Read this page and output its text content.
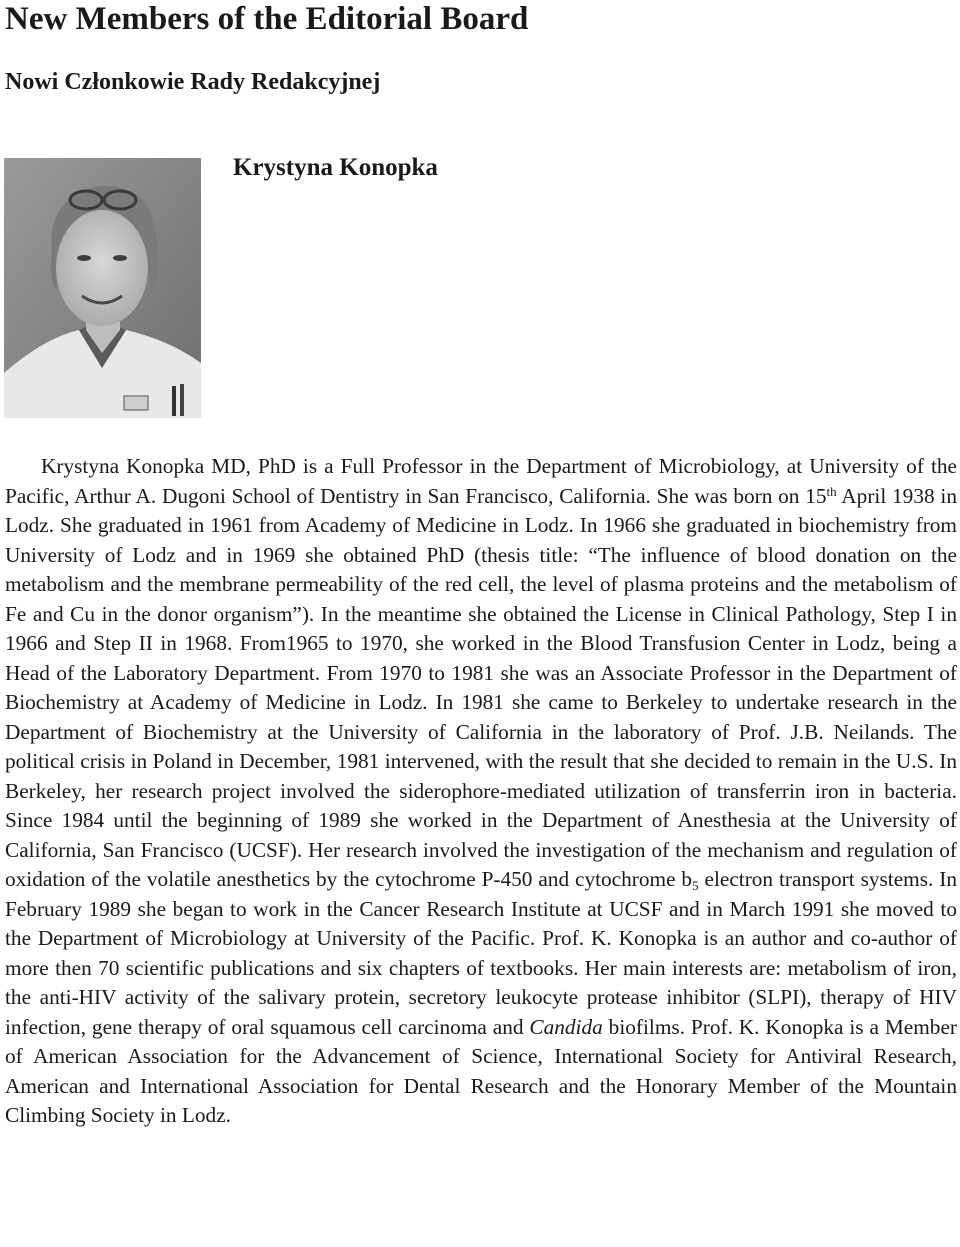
New Members of the Editorial Board
Nowi Członkowie Rady Redakcyjnej
Krystyna Konopka

Krystyna Konopka MD, PhD is a Full Professor in the Department of Microbiology, at University of the Pacific, Arthur A. Dugoni School of Dentistry in San Francisco, California. She was born on 15th April 1938 in Lodz. She graduated in 1961 from Academy of Medicine in Lodz. In 1966 she graduated in biochemistry from University of Lodz and in 1969 she obtained PhD (thesis title: “The influence of blood donation on the metabolism and the membrane permeability of the red cell, the level of plasma proteins and the metabolism of Fe and Cu in the donor organism”). In the meantime she obtained the License in Clinical Pathology, Step I in 1966 and Step II in 1968. From1965 to 1970, she worked in the Blood Transfusion Center in Lodz, being a Head of the Laboratory Department. From 1970 to 1981 she was an Associate Professor in the Department of Biochemistry at Academy of Medicine in Lodz. In 1981 she came to Berkeley to undertake research in the Department of Biochemistry at the University of California in the laboratory of Prof. J.B. Neilands. The political crisis in Poland in December, 1981 intervened, with the result that she decided to remain in the U.S. In Berkeley, her research project involved the siderophore-mediated utilization of transferrin iron in bacteria. Since 1984 until the beginning of 1989 she worked in the Department of Anesthesia at the University of California, San Francisco (UCSF). Her research involved the investigation of the mechanism and regulation of oxidation of the volatile anesthetics by the cytochrome P-450 and cytochrome $b_5$ electron transport systems. In February 1989 she began to work in the Cancer Research Institute at UCSF and in March 1991 she moved to the Department of Microbiology at University of the Pacific. Prof. K. Konopka is an author and co-author of more then 70 scientific publications and six chapters of textbooks. Her main interests are: metabolism of iron, the anti-HIV activity of the salivary protein, secretory leukocyte protease inhibitor (SLPI), therapy of HIV infection, gene therapy of oral squamous cell carcinoma and Candida biofilms. Prof. K. Konopka is a Member of American Association for the Advancement of Science, International Society for Antiviral Research, American and International Association for Dental Research and the Honorary Member of the Mountain Climbing Society in Lodz.
